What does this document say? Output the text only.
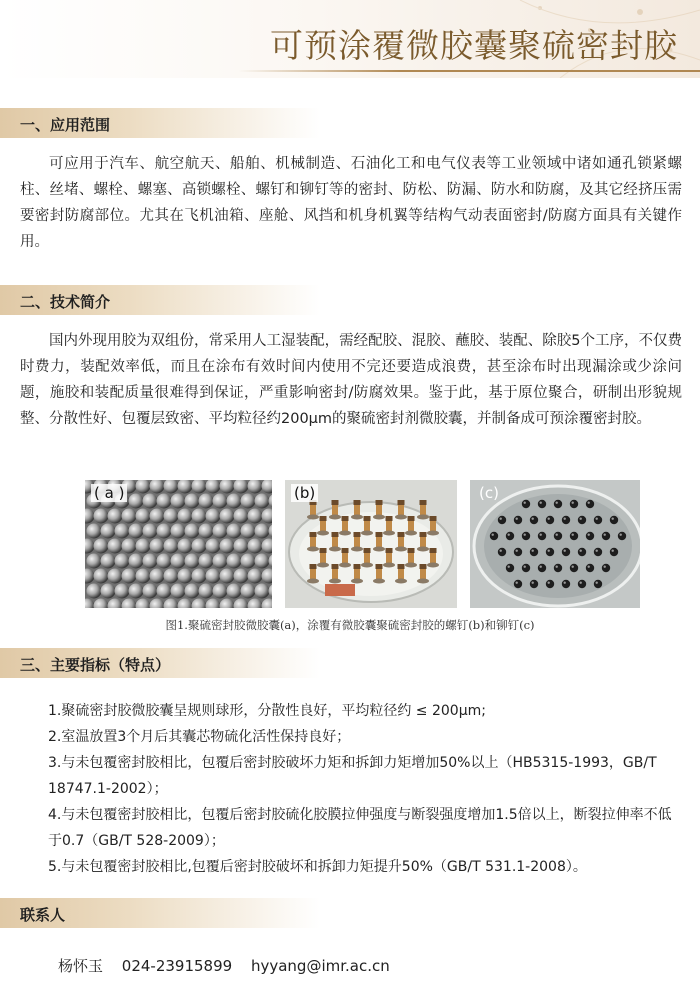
可预涂覆微胶囊聚硫密封胶
一、应用范围
可应用于汽车、航空航天、船舶、机械制造、石油化工和电气仪表等工业领域中诸如通孔锁紧螺柱、丝堵、螺栓、螺塞、高锁螺栓、螺钉和铆钉等的密封、防松、防漏、防水和防腐，及其它经挤压需要密封防腐部位。尤其在飞机油箱、座舱、风挡和机身机翼等结构气动表面密封/防腐方面具有关键作用。
二、技术简介
国内外现用胶为双组份，常采用人工湿装配，需经配胶、混胶、蘸胶、装配、除胶5个工序，不仅费时费力，装配效率低，而且在涂布有效时间内使用不完还要造成浪费，甚至涂布时出现漏涂或少涂问题，施胶和装配质量很难得到保证，严重影响密封/防腐效果。鉴于此，基于原位聚合，研制出形貌规整、分散性好、包覆层致密、平均粒径约200μm的聚硫密封剂微胶囊，并制备成可预涂覆密封胶。
( a )	(b)	(c)
图1.聚硫密封胶微胶囊(a)，涂覆有微胶囊聚硫密封胶的螺钉(b)和铆钉(c)
三、主要指标（特点）

1.聚硫密封胶微胶囊呈规则球形，分散性良好，平均粒径约 ≤ 200μm;

2.室温放置3个月后其囊芯物硫化活性保持良好；

3.与未包覆密封胶相比，包覆后密封胶破坏力矩和拆卸力矩增加50%以上（HB5315-1993，GB/T 18747.1-2002）；

4.与未包覆密封胶相比，包覆后密封胶硫化胶膜拉伸强度与断裂强度增加1.5倍以上，断裂拉伸率不低于0.7（GB/T 528-2009）；

5.与未包覆密封胶相比,包覆后密封胶破坏和拆卸力矩提升50%（GB/T 531.1-2008）。

联系人
杨怀玉 024-23915899 hyyang@imr.ac.cn
